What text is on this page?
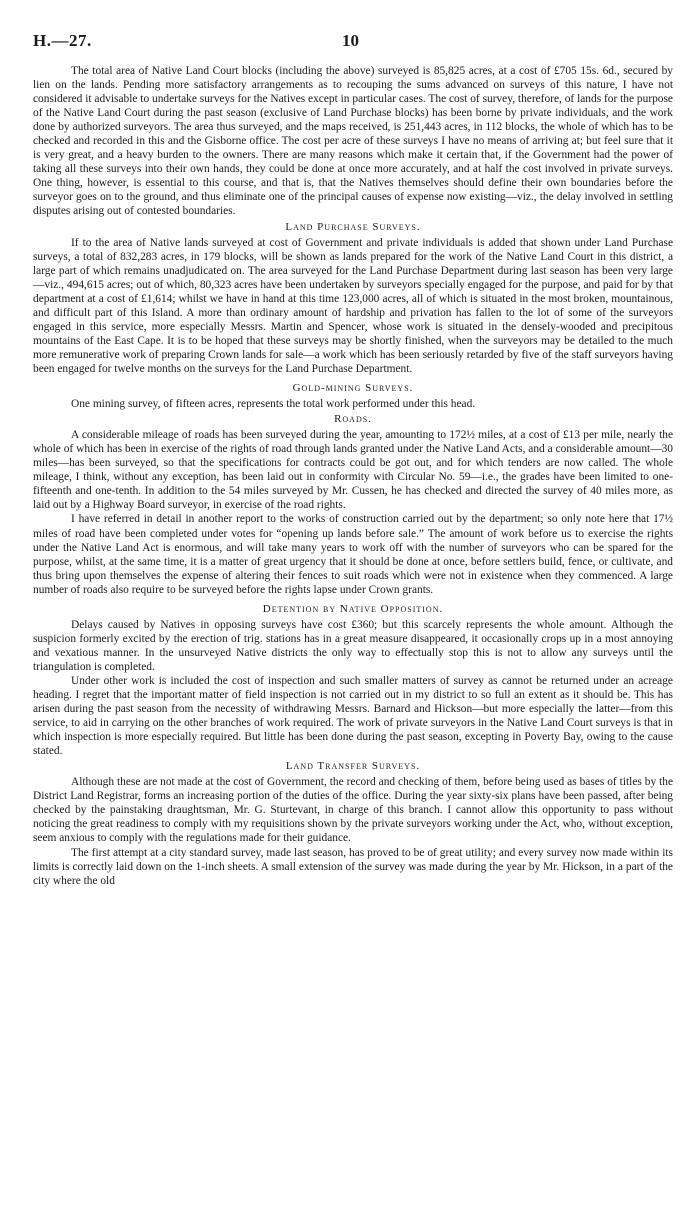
H.—27.	10

The total area of Native Land Court blocks (including the above) surveyed is 85,825 acres, at a cost of £705 15s. 6d., secured by lien on the lands. Pending more satisfactory arrangements as to recouping the sums advanced on surveys of this nature, I have not considered it advisable to undertake surveys for the Natives except in particular cases. The cost of survey, therefore, of lands for the purpose of the Native Land Court during the past season (exclusive of Land Purchase blocks) has been borne by private individuals, and the work done by authorized surveyors. The area thus surveyed, and the maps received, is 251,443 acres, in 112 blocks, the whole of which has to be checked and recorded in this and the Gisborne office. The cost per acre of these surveys I have no means of arriving at; but feel sure that it is very great, and a heavy burden to the owners. There are many reasons which make it certain that, if the Government had the power of taking all these surveys into their own hands, they could be done at once more accurately, and at half the cost involved in private surveys. One thing, however, is essential to this course, and that is, that the Natives themselves should define their own boundaries before the surveyor goes on to the ground, and thus eliminate one of the principal causes of expense now existing—viz., the delay involved in settling disputes arising out of contested boundaries.

Land Purchase Surveys.

If to the area of Native lands surveyed at cost of Government and private individuals is added that shown under Land Purchase surveys, a total of 832,283 acres, in 179 blocks, will be shown as lands prepared for the work of the Native Land Court in this district, a large part of which remains unadjudicated on. The area surveyed for the Land Purchase Department during last season has been very large—viz., 494,615 acres; out of which, 80,323 acres have been undertaken by surveyors specially engaged for the purpose, and paid for by that department at a cost of £1,614; whilst we have in hand at this time 123,000 acres, all of which is situated in the most broken, mountainous, and difficult part of this Island. A more than ordinary amount of hardship and privation has fallen to the lot of some of the surveyors engaged in this service, more especially Messrs. Martin and Spencer, whose work is situated in the densely-wooded and precipitous mountains of the East Cape. It is to be hoped that these surveys may be shortly finished, when the surveyors may be detailed to the much more remunerative work of preparing Crown lands for sale—a work which has been seriously retarded by five of the staff surveyors having been engaged for twelve months on the surveys for the Land Purchase Department.

Gold-mining Surveys.

One mining survey, of fifteen acres, represents the total work performed under this head.

Roads.

A considerable mileage of roads has been surveyed during the year, amounting to 172½ miles, at a cost of £13 per mile, nearly the whole of which has been in exercise of the rights of road through lands granted under the Native Land Acts, and a considerable amount—30 miles—has been surveyed, so that the specifications for contracts could be got out, and for which tenders are now called. The whole mileage, I think, without any exception, has been laid out in conformity with Circular No. 59—i.e., the grades have been limited to one-fifteenth and one-tenth. In addition to the 54 miles surveyed by Mr. Cussen, he has checked and directed the survey of 40 miles more, as laid out by a Highway Board surveyor, in exercise of the road rights.

I have referred in detail in another report to the works of construction carried out by the department; so only note here that 17½ miles of road have been completed under votes for “opening up lands before sale.” The amount of work before us to exercise the rights under the Native Land Act is enormous, and will take many years to work off with the number of surveyors who can be spared for the purpose, whilst, at the same time, it is a matter of great urgency that it should be done at once, before settlers build, fence, or cultivate, and thus bring upon themselves the expense of altering their fences to suit roads which were not in existence when they commenced. A large number of roads also require to be surveyed before the rights lapse under Crown grants.

Detention by Native Opposition.

Delays caused by Natives in opposing surveys have cost £360; but this scarcely represents the whole amount. Although the suspicion formerly excited by the erection of trig. stations has in a great measure disappeared, it occasionally crops up in a most annoying and vexatious manner. In the unsurveyed Native districts the only way to effectually stop this is not to allow any surveys until the triangulation is completed.

Under other work is included the cost of inspection and such smaller matters of survey as cannot be returned under an acreage heading. I regret that the important matter of field inspection is not carried out in my district to so full an extent as it should be. This has arisen during the past season from the necessity of withdrawing Messrs. Barnard and Hickson—but more especially the latter—from this service, to aid in carrying on the other branches of work required. The work of private surveyors in the Native Land Court surveys is that in which inspection is more especially required. But little has been done during the past season, excepting in Poverty Bay, owing to the cause stated.

Land Transfer Surveys.

Although these are not made at the cost of Government, the record and checking of them, before being used as bases of titles by the District Land Registrar, forms an increasing portion of the duties of the office. During the year sixty-six plans have been passed, after being checked by the painstaking draughtsman, Mr. G. Sturtevant, in charge of this branch. I cannot allow this opportunity to pass without noticing the great readiness to comply with my requisitions shown by the private surveyors working under the Act, who, without exception, seem anxious to comply with the regulations made for their guidance.

The first attempt at a city standard survey, made last season, has proved to be of great utility; and every survey now made within its limits is correctly laid down on the 1-inch sheets. A small extension of the survey was made during the year by Mr. Hickson, in a part of the city where the old
